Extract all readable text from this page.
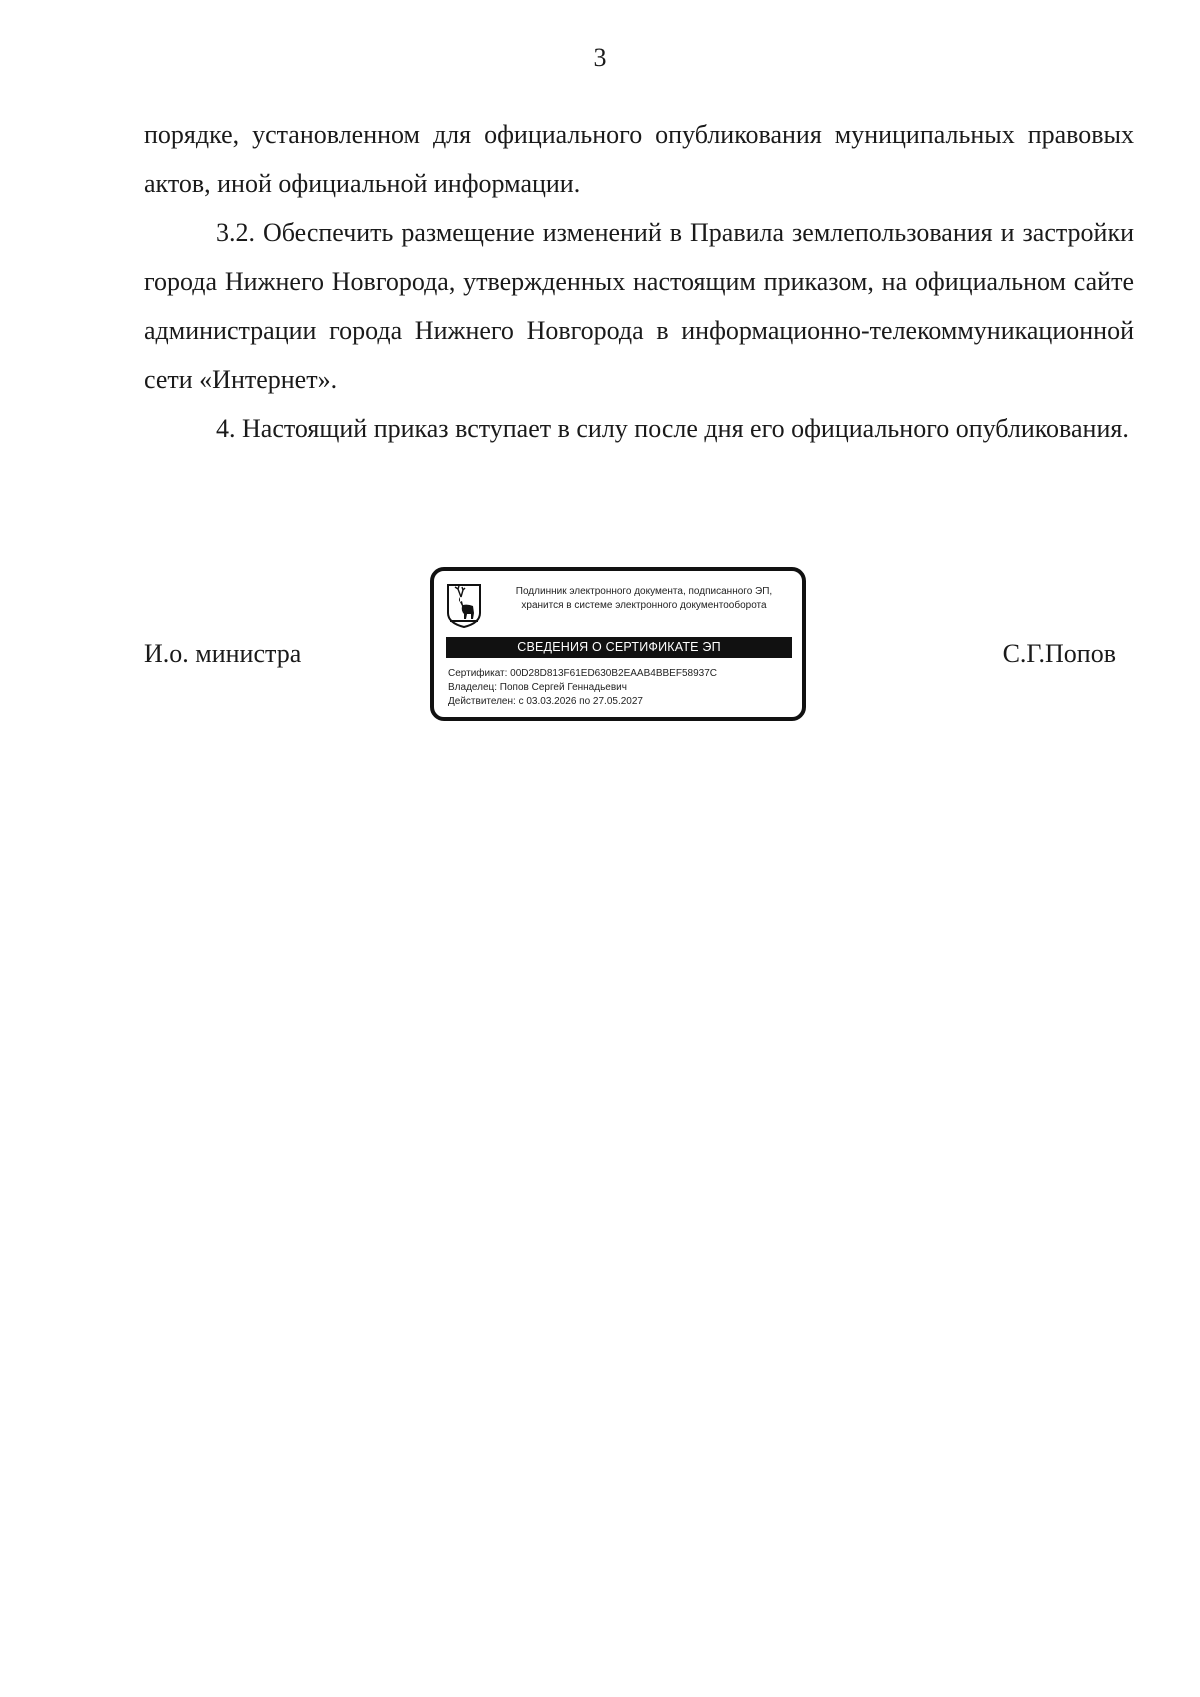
3

порядке, установленном для официального опубликования муниципальных правовых актов, иной официальной информации.

3.2. Обеспечить размещение изменений в Правила землепользования и застройки города Нижнего Новгорода, утвержденных настоящим приказом, на официальном сайте администрации города Нижнего Новгорода в информационно-телекоммуникационной сети «Интернет».

4. Настоящий приказ вступает в силу после дня его официального опубликования.

И.о. министра
Подлинник электронного документа, подписанного ЭП,
хранится в системе электронного документооборота
СВЕДЕНИЯ О СЕРТИФИКАТЕ ЭП
Сертификат: 00D28D813F61ED630B2EAAB4BBEF58937C
Владелец: Попов Сергей Геннадьевич
Действителен: с 03.03.2026 по 27.05.2027
С.Г.Попов
